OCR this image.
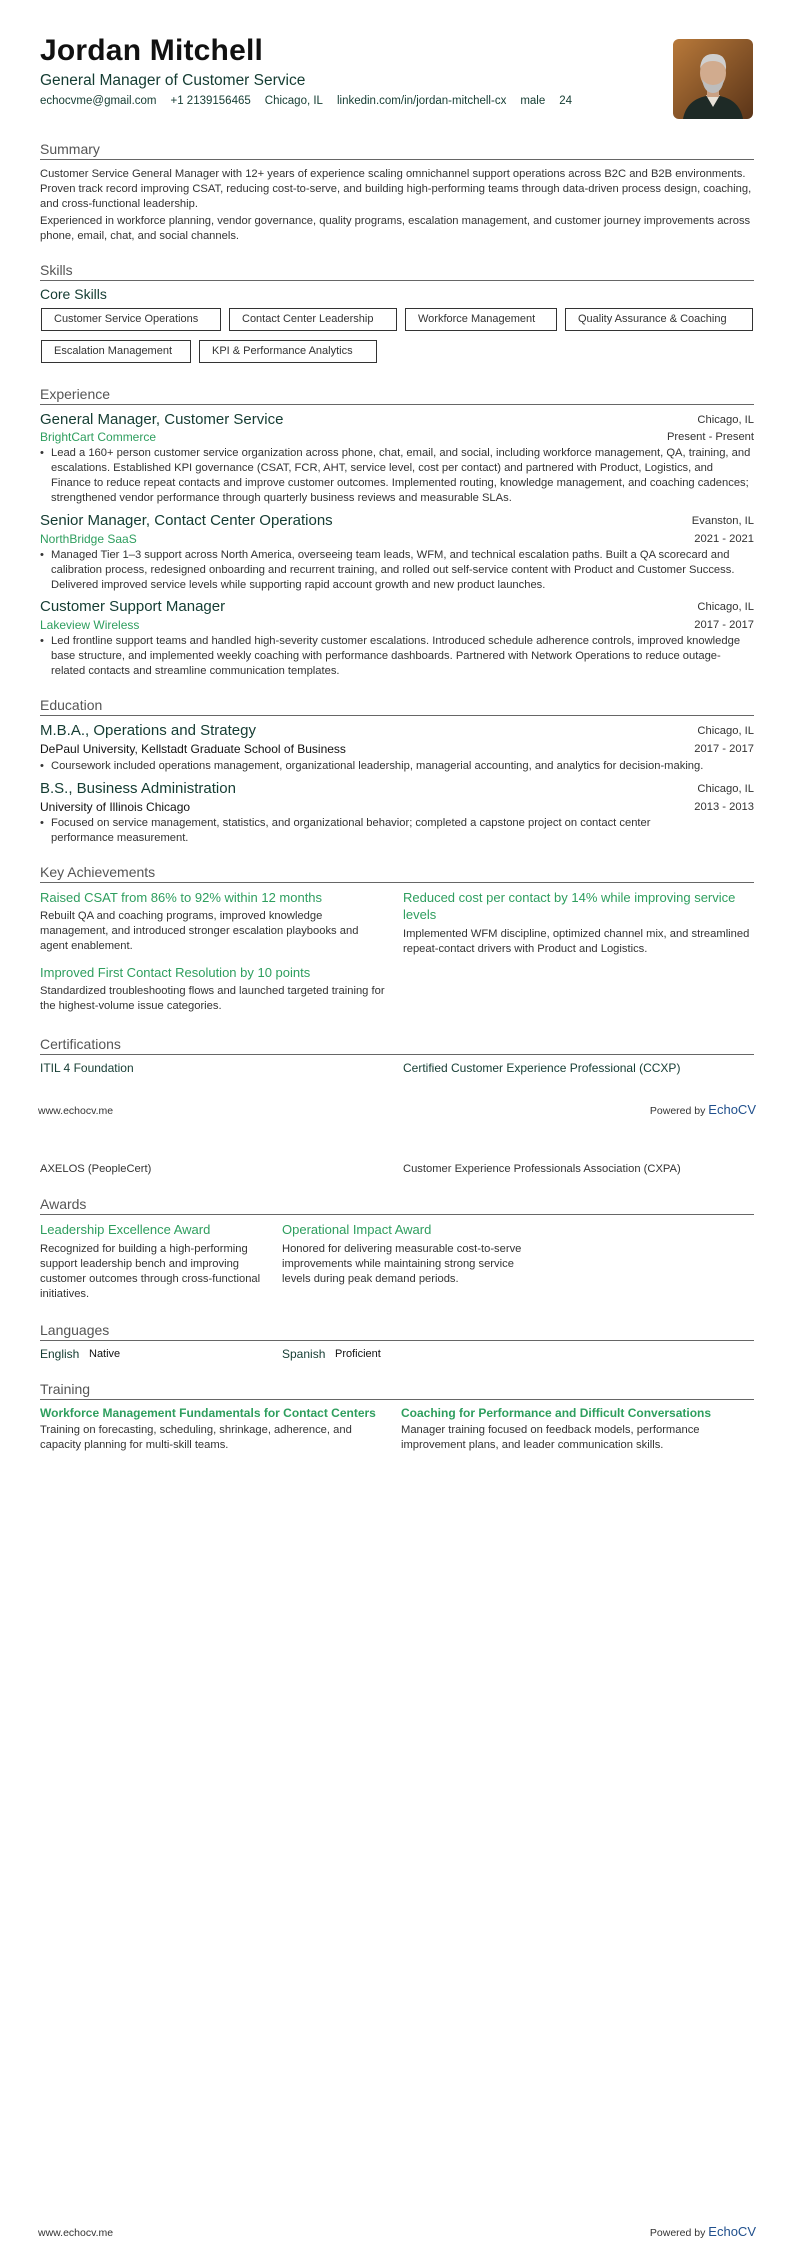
Jordan Mitchell
General Manager of Customer Service
echocvme@gmail.com +1 2139156465 Chicago, IL linkedin.com/in/jordan-mitchell-cx male 24
Summary

Customer Service General Manager with 12+ years of experience scaling omnichannel support operations across B2C and B2B environments. Proven track record improving CSAT, reducing cost-to-serve, and building high-performing teams through data-driven process design, coaching, and cross-functional leadership.

Experienced in workforce planning, vendor governance, quality programs, escalation management, and customer journey improvements across phone, email, chat, and social channels.

Skills
Core Skills
Customer Service Operations	Contact Center Leadership	Workforce Management	Quality Assurance & Coaching
Escalation Management	KPI & Performance Analytics
Experience
General Manager, Customer Service	Chicago, IL
BrightCart Commerce	Present - Present

• Lead a 160+ person customer service organization across phone, chat, email, and social, including workforce management, QA, training, and escalations. Established KPI governance (CSAT, FCR, AHT, service level, cost per contact) and partnered with Product, Logistics, and Finance to reduce repeat contacts and improve customer outcomes. Implemented routing, knowledge management, and coaching cadences; strengthened vendor performance through quarterly business reviews and measurable SLAs.

Senior Manager, Contact Center Operations	Evanston, IL
NorthBridge SaaS	2021 - 2021

• Managed Tier 1–3 support across North America, overseeing team leads, WFM, and technical escalation paths. Built a QA scorecard and calibration process, redesigned onboarding and recurrent training, and rolled out self-service content with Product and Customer Success. Delivered improved service levels while supporting rapid account growth and new product launches.

Customer Support Manager	Chicago, IL
Lakeview Wireless	2017 - 2017

• Led frontline support teams and handled high-severity customer escalations. Introduced schedule adherence controls, improved knowledge base structure, and implemented weekly coaching with performance dashboards. Partnered with Network Operations to reduce outage-related contacts and streamline communication templates.

Education
M.B.A., Operations and Strategy	Chicago, IL
DePaul University, Kellstadt Graduate School of Business	2017 - 2017

• Coursework included operations management, organizational leadership, managerial accounting, and analytics for decision-making.

B.S., Business Administration	Chicago, IL
University of Illinois Chicago	2013 - 2013

• Focused on service management, statistics, and organizational behavior; completed a capstone project on contact center performance measurement.

Key Achievements
Raised CSAT from 86% to 92% within 12 months

Rebuilt QA and coaching programs, improved knowledge management, and introduced stronger escalation playbooks and agent enablement.

Reduced cost per contact by 14% while improving service levels

Implemented WFM discipline, optimized channel mix, and streamlined repeat-contact drivers with Product and Logistics.

Improved First Contact Resolution by 10 points

Standardized troubleshooting flows and launched targeted training for the highest-volume issue categories.

Certifications
ITIL 4 Foundation	Certified Customer Experience Professional (CCXP)
www.echocv.me	Powered by EchoCV
AXELOS (PeopleCert)	Customer Experience Professionals Association (CXPA)
Awards
Leadership Excellence Award

Recognized for building a high-performing support leadership bench and improving customer outcomes through cross-functional initiatives.

Operational Impact Award

Honored for delivering measurable cost-to-serve improvements while maintaining strong service levels during peak demand periods.

Languages
English Native	Spanish Proficient
Training
Workforce Management Fundamentals for Contact Centers

Training on forecasting, scheduling, shrinkage, adherence, and capacity planning for multi-skill teams.

Coaching for Performance and Difficult Conversations

Manager training focused on feedback models, performance improvement plans, and leader communication skills.

www.echocv.me	Powered by EchoCV
